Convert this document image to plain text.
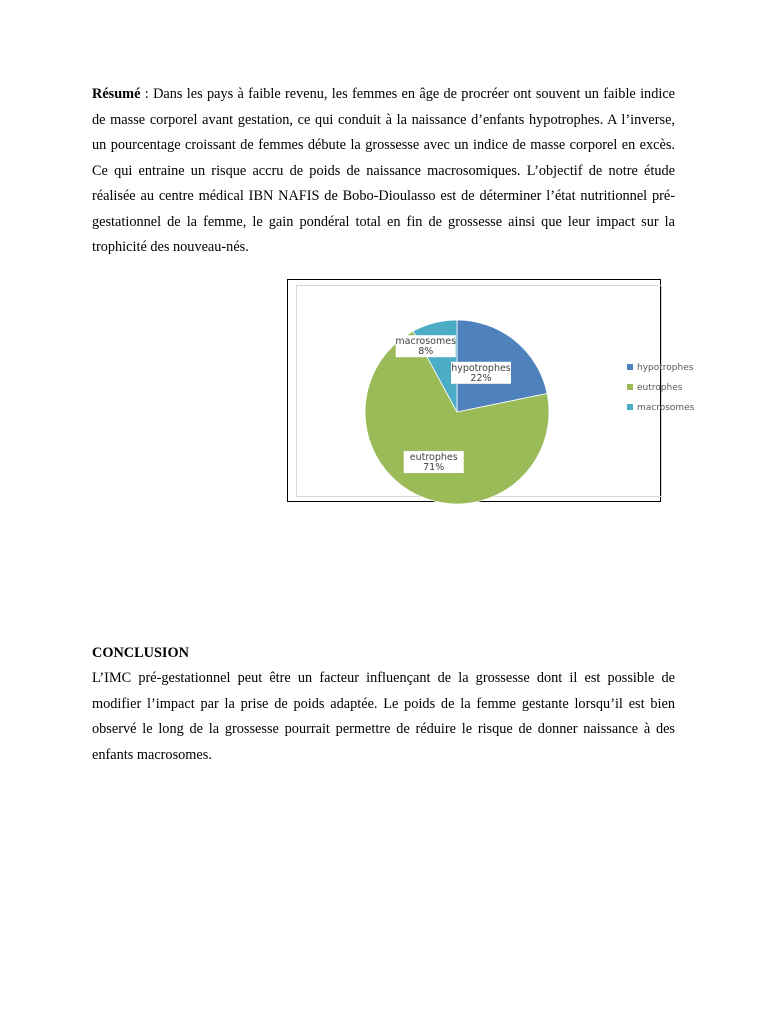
Résumé : Dans les pays à faible revenu, les femmes en âge de procréer ont souvent un faible indice de masse corporel avant gestation, ce qui conduit à la naissance d’enfants hypotrophes. A l’inverse, un pourcentage croissant de femmes débute la grossesse avec un indice de masse corporel en excès. Ce qui entraine un risque accru de poids de naissance macrosomiques. L’objectif de notre étude réalisée au centre médical IBN NAFIS de Bobo-Dioulasso est de déterminer l’état nutritionnel pré-gestationnel de la femme, le gain pondéral total en fin de grossesse ainsi que leur impact sur la trophicité des nouveau-nés.

hypotrophes
22%
eutrophes
71%
macrosomes
8%
hypotrophes
eutrophes
macrosomes

CONCLUSION

L’IMC pré-gestationnel peut être un facteur influençant de la grossesse dont il est possible de modifier l’impact par la prise de poids adaptée. Le poids de la femme gestante lorsqu’il est bien observé le long de la grossesse pourrait permettre de réduire le risque de donner naissance à des enfants macrosomes.
